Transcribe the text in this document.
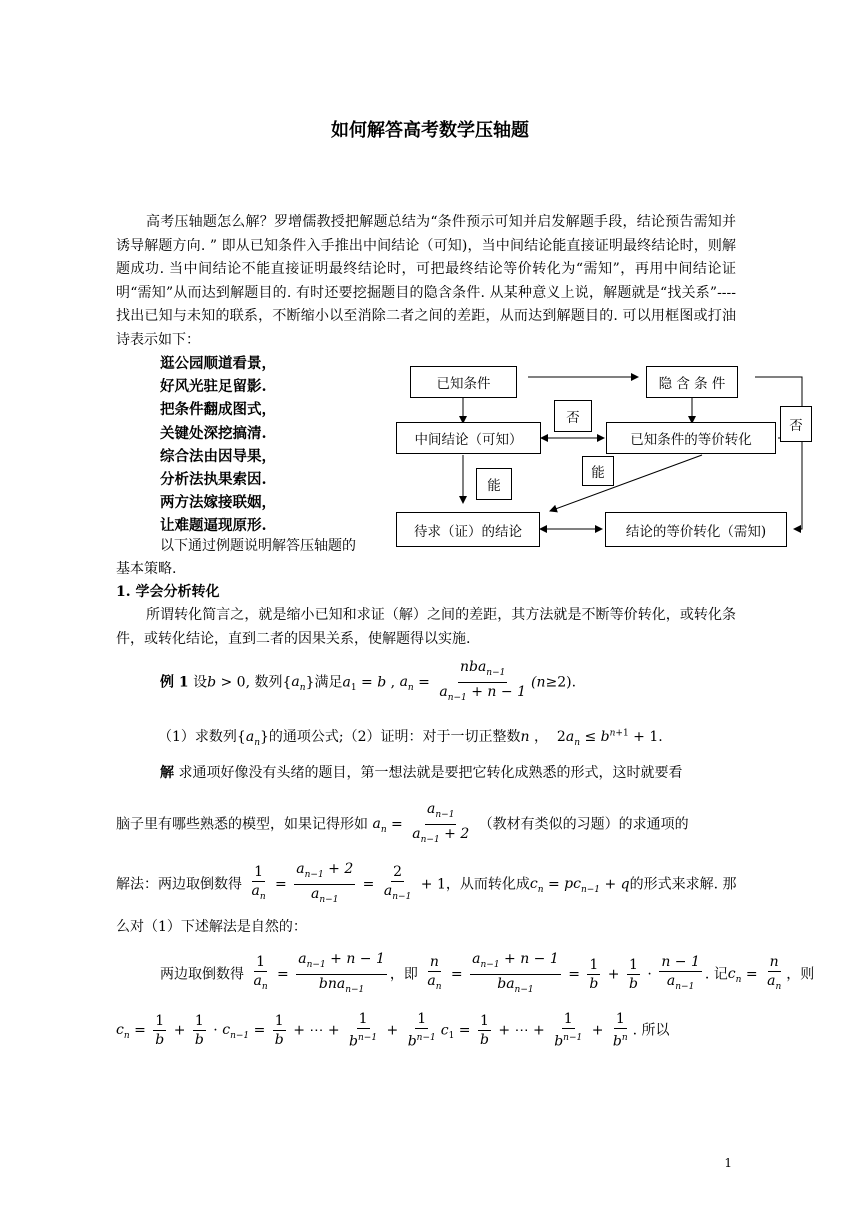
如何解答高考数学压轴题
高考压轴题怎么解？罗增儒教授把解题总结为“条件预示可知并启发解题手段，结论预告需知并诱导解题方向. ” 即从已知条件入手推出中间结论（可知)，当中间结论能直接证明最终结论时，则解题成功. 当中间结论不能直接证明最终结论时，可把最终结论等价转化为“需知”，再用中间结论证明“需知”从而达到解题目的. 有时还要挖掘题目的隐含条件. 从某种意义上说，解题就是“找关系”----找出已知与未知的联系，不断缩小以至消除二者之间的差距，从而达到解题目的. 可以用框图或打油诗表示如下：
逛公园顺道看景，
好风光驻足留影.
把条件翻成图式，
关键处深挖搞清.
综合法由因导果，
分析法执果索因.
两方法嫁接联姻，
让难题逼现原形.
已知条件	隐 含 条 件
中间结论（可知）	已知条件的等价转化
待求（证）的结论	结论的等价转化（需知)
否	否
能
能
以下通过例题说明解答压轴题的
基本策略.
1. 学会分析转化
所谓转化简言之，就是缩小已知和求证（解）之间的差距，其方法就是不断等价转化，或转化条件，或转化结论，直到二者的因果关系，使解题得以实施.
例 1 设b > 0, 数列$\{a_n\}$满足$a_1 = b$ , $a_n = \frac{nba_{n-1}}{a_{n-1} + n - 1} (n\ge 2)$.
（1）求数列$\{a_n\}$的通项公式;（2）证明：对于一切正整数n ，  $2a_n \le b^{n+1} + 1$.
解 求通项好像没有头绪的题目，第一想法就是要把它转化成熟悉的形式，这时就要看
脑子里有哪些熟悉的模型，如果记得形如 $a_n = \frac{a_{n-1}}{a_{n-1} + 2}$ （教材有类似的习题）的求通项的
解法：两边取倒数得 $\frac{1}{a_n} = \frac{a_{n-1} + 2}{a_{n-1}} = \frac{2}{a_{n-1}} + 1$，从而转化成$c_n = pc_{n-1} + q$的形式来求解. 那
么对（1）下述解法是自然的：
两边取倒数得 $\frac{1}{a_n} = \frac{a_{n-1} + n - 1}{bna_{n-1}}$ ，即 $\frac{n}{a_n} = \frac{a_{n-1} + n - 1}{ba_{n-1}} = \frac{1}{b} + \frac{1}{b} \cdot \frac{n - 1}{a_{n-1}}$ . 记$c_n = \frac{n}{a_n}$ ，则
$c_n = \frac{1}{b} + \frac{1}{b} \cdot c_{n-1} = \frac{1}{b}$ + ⋯ + $\frac{1}{b^{n-1}} + \frac{1}{b^{n-1}} c_1 = \frac{1}{b}$ + ⋯ + $\frac{1}{b^{n-1}} + \frac{1}{b^n}$ . 所以
1
